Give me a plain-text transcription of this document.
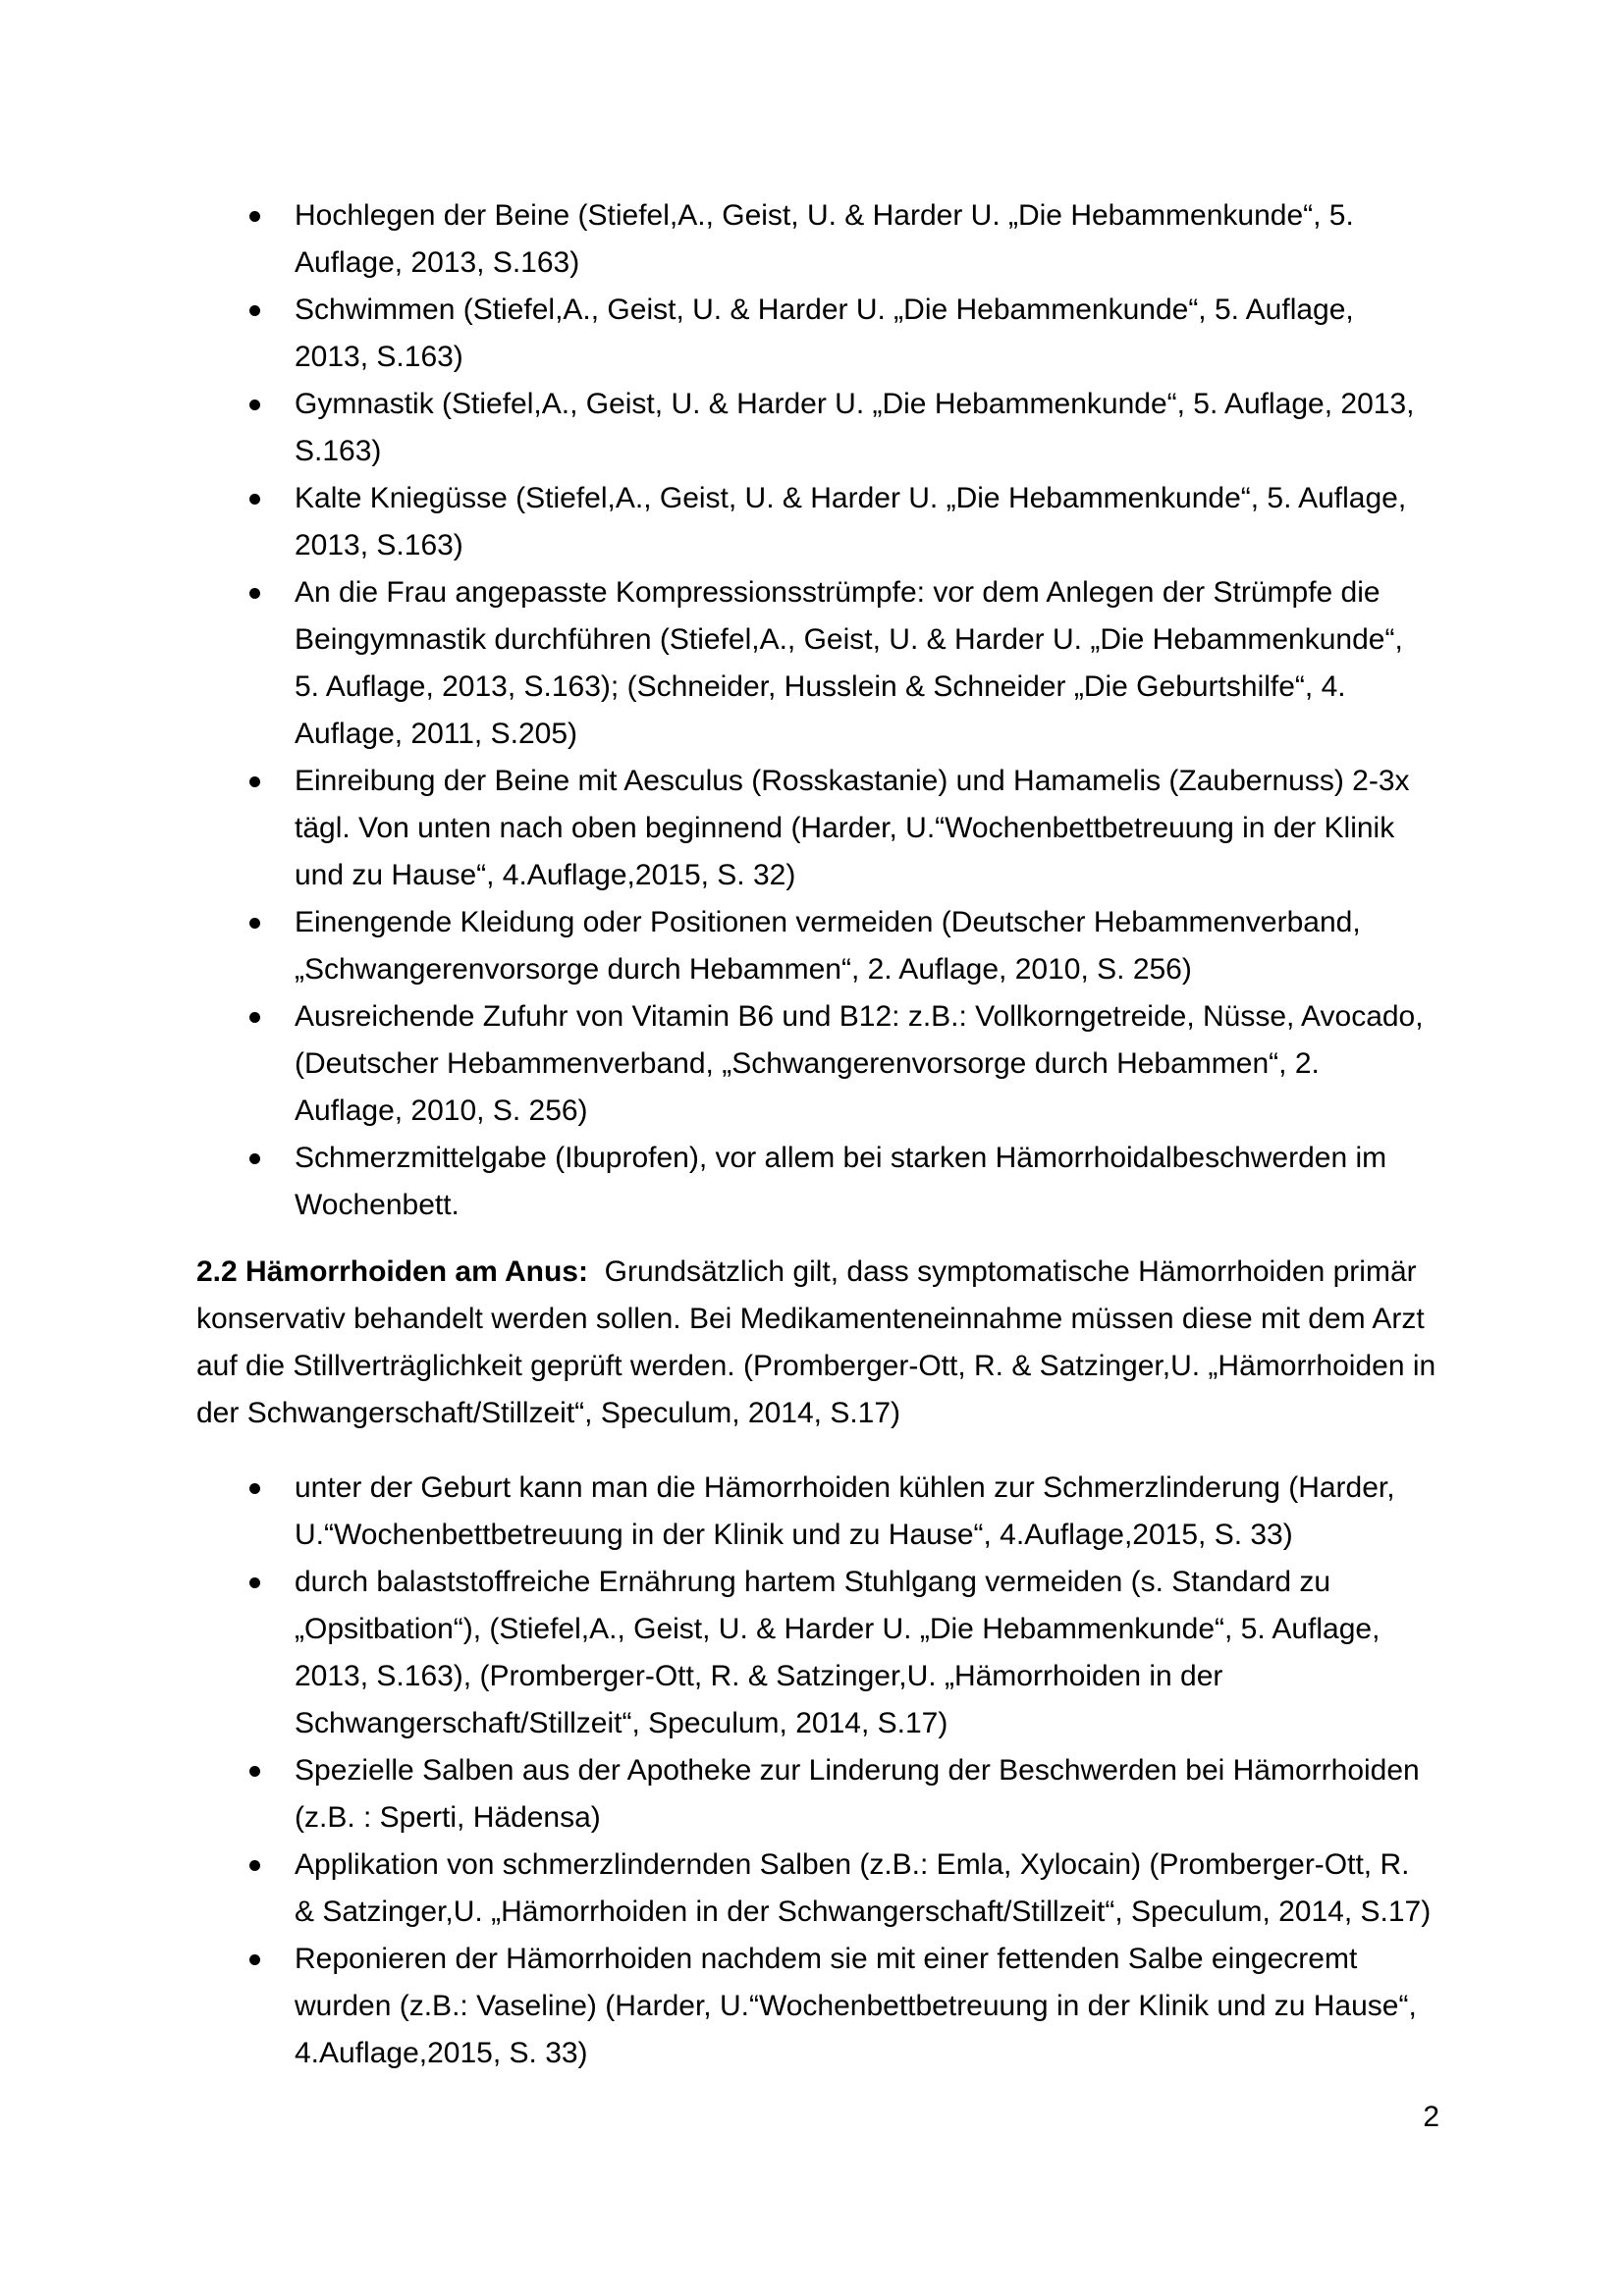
Hochlegen der Beine (Stiefel,A., Geist, U. & Harder U. „Die Hebammenkunde“, 5. Auflage, 2013, S.163)
Schwimmen (Stiefel,A., Geist, U. & Harder U. „Die Hebammenkunde“, 5. Auflage, 2013, S.163)
Gymnastik (Stiefel,A., Geist, U. & Harder U. „Die Hebammenkunde“, 5. Auflage, 2013, S.163)
Kalte Kniegüsse (Stiefel,A., Geist, U. & Harder U. „Die Hebammenkunde“, 5. Auflage, 2013, S.163)
An die Frau angepasste Kompressionsstrümpfe: vor dem Anlegen der Strümpfe die Beingymnastik durchführen (Stiefel,A., Geist, U. & Harder U. „Die Hebammenkunde“, 5. Auflage, 2013, S.163); (Schneider, Husslein & Schneider „Die Geburtshilfe“, 4. Auflage, 2011, S.205)
Einreibung der Beine mit Aesculus (Rosskastanie) und Hamamelis (Zaubernuss) 2-3x tägl. Von unten nach oben beginnend (Harder, U.“Wochenbettbetreuung in der Klinik und zu Hause“, 4.Auflage,2015, S. 32)
Einengende Kleidung oder Positionen vermeiden (Deutscher Hebammenverband, „Schwangerenvorsorge durch Hebammen“, 2. Auflage, 2010, S. 256)
Ausreichende Zufuhr von Vitamin B6 und B12: z.B.: Vollkorngetreide, Nüsse, Avocado, (Deutscher Hebammenverband, „Schwangerenvorsorge durch Hebammen“, 2. Auflage, 2010, S. 256)
Schmerzmittelgabe (Ibuprofen), vor allem bei starken Hämorrhoidalbeschwerden im Wochenbett.

2.2 Hämorrhoiden am Anus: Grundsätzlich gilt, dass symptomatische Hämorrhoiden primär konservativ behandelt werden sollen. Bei Medikamenteneinnahme müssen diese mit dem Arzt auf die Stillverträglichkeit geprüft werden. (Promberger-Ott, R. & Satzinger,U. „Hämorrhoiden in der Schwangerschaft/Stillzeit“, Speculum, 2014, S.17)

unter der Geburt kann man die Hämorrhoiden kühlen zur Schmerzlinderung (Harder, U.“Wochenbettbetreuung in der Klinik und zu Hause“, 4.Auflage,2015, S. 33)
durch balaststoffreiche Ernährung hartem Stuhlgang vermeiden (s. Standard zu „Opsitbation“), (Stiefel,A., Geist, U. & Harder U. „Die Hebammenkunde“, 5. Auflage, 2013, S.163), (Promberger-Ott, R. & Satzinger,U. „Hämorrhoiden in der Schwangerschaft/Stillzeit“, Speculum, 2014, S.17)
Spezielle Salben aus der Apotheke zur Linderung der Beschwerden bei Hämorrhoiden (z.B. : Sperti, Hädensa)
Applikation von schmerzlindernden Salben (z.B.: Emla, Xylocain) (Promberger-Ott, R. & Satzinger,U. „Hämorrhoiden in der Schwangerschaft/Stillzeit“, Speculum, 2014, S.17)
Reponieren der Hämorrhoiden nachdem sie mit einer fettenden Salbe eingecremt wurden (z.B.: Vaseline) (Harder, U.“Wochenbettbetreuung in der Klinik und zu Hause“, 4.Auflage,2015, S. 33)
2
